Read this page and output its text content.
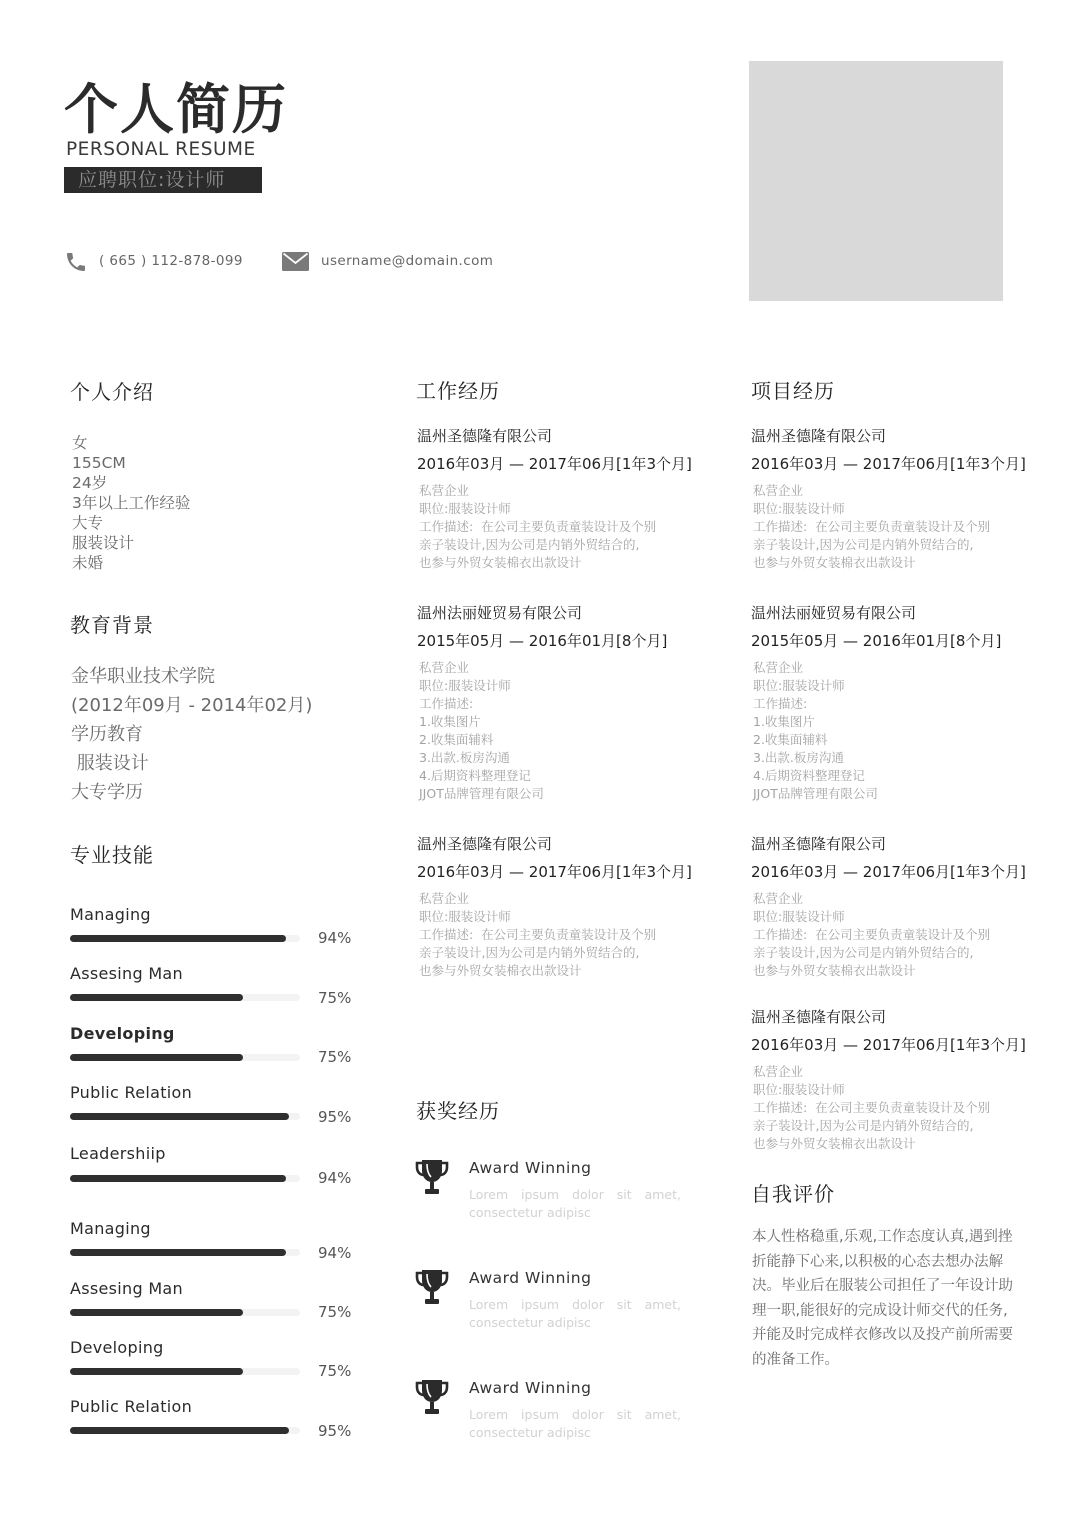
个人简历
PERSONAL RESUME
应聘职位:设计师
( 665 ) 112-878-099	username@domain.com
个人介绍
女
155CM
24岁
3年以上工作经验
大专
服装设计
未婚
教育背景
金华职业技术学院
(2012年09月 - 2014年02月)
学历教育
服装设计
大专学历
专业技能
Managing
94%
Assesing Man
75%
Developing
75%
Public Relation
95%
Leadershiip
94%
Managing
94%
Assesing Man
75%
Developing
75%
Public Relation
95%
工作经历
温州圣德隆有限公司
2016年03月 — 2017年06月[1年3个月]
私营企业
职位:服装设计师
工作描述:  在公司主要负责童装设计及个别
亲子装设计,因为公司是内销外贸结合的,
也参与外贸女装棉衣出款设计
温州法丽娅贸易有限公司
2015年05月 — 2016年01月[8个月]
私营企业
职位:服装设计师
工作描述:
1.收集图片
2.收集面辅料
3.出款.板房沟通
4.后期资料整理登记
JJOT品牌管理有限公司
温州圣德隆有限公司
2016年03月 — 2017年06月[1年3个月]
私营企业
职位:服装设计师
工作描述:  在公司主要负责童装设计及个别
亲子装设计,因为公司是内销外贸结合的,
也参与外贸女装棉衣出款设计
获奖经历
Award Winning
Lorem ipsum dolor sit amet, consectetur adipisc
Award Winning
Lorem ipsum dolor sit amet, consectetur adipisc
Award Winning
Lorem ipsum dolor sit amet, consectetur adipisc
项目经历
温州圣德隆有限公司
2016年03月 — 2017年06月[1年3个月]
私营企业
职位:服装设计师
工作描述:  在公司主要负责童装设计及个别
亲子装设计,因为公司是内销外贸结合的,
也参与外贸女装棉衣出款设计
温州法丽娅贸易有限公司
2015年05月 — 2016年01月[8个月]
私营企业
职位:服装设计师
工作描述:
1.收集图片
2.收集面辅料
3.出款.板房沟通
4.后期资料整理登记
JJOT品牌管理有限公司
温州圣德隆有限公司
2016年03月 — 2017年06月[1年3个月]
私营企业
职位:服装设计师
工作描述:  在公司主要负责童装设计及个别
亲子装设计,因为公司是内销外贸结合的,
也参与外贸女装棉衣出款设计
温州圣德隆有限公司
2016年03月 — 2017年06月[1年3个月]
私营企业
职位:服装设计师
工作描述:  在公司主要负责童装设计及个别
亲子装设计,因为公司是内销外贸结合的,
也参与外贸女装棉衣出款设计
自我评价
本人性格稳重,乐观,工作态度认真,遇到挫折能静下心来,以积极的心态去想办法解决。毕业后在服装公司担任了一年设计助理一职,能很好的完成设计师交代的任务,并能及时完成样衣修改以及投产前所需要的准备工作。
